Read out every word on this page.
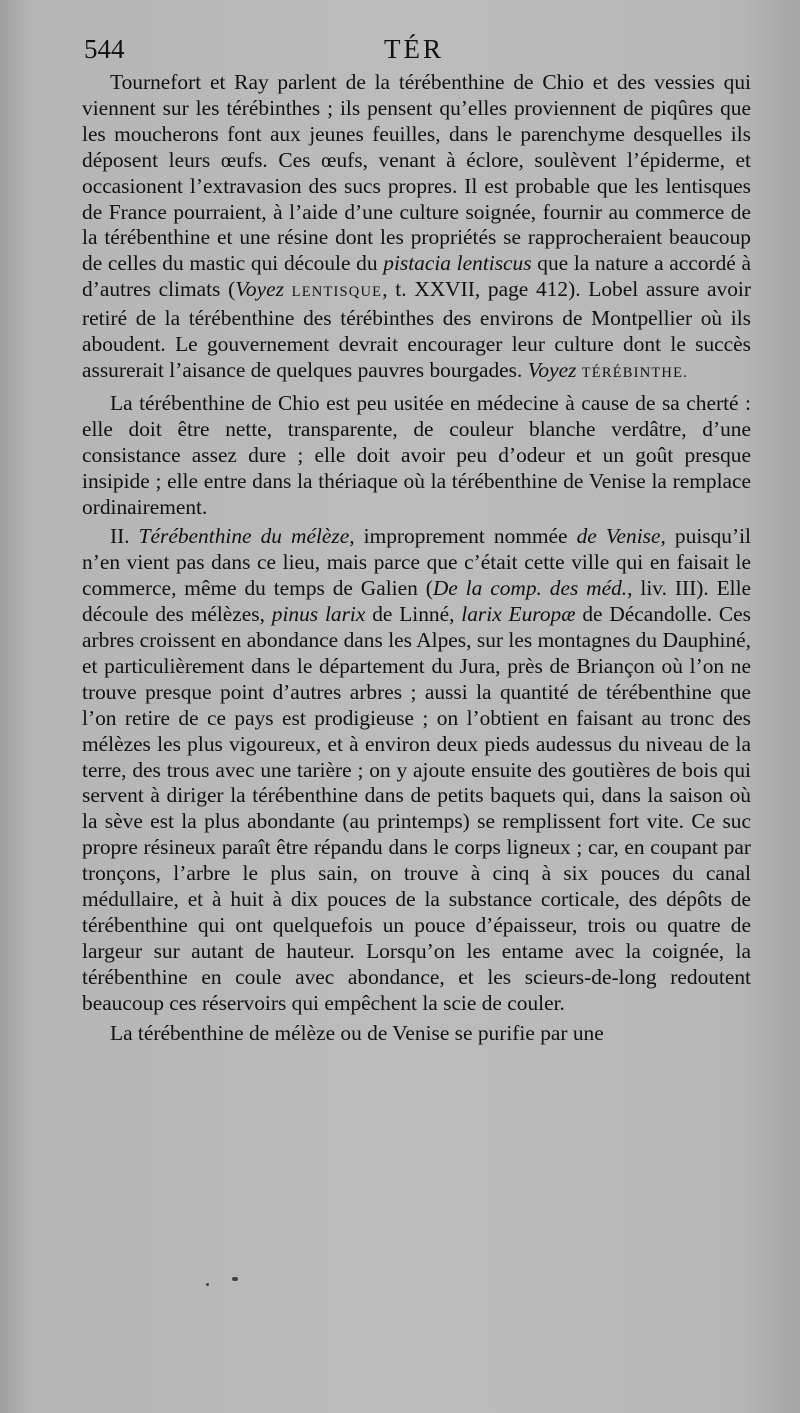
544	TÉR

Tournefort et Ray parlent de la térébenthine de Chio et des vessies qui viennent sur les térébinthes ; ils pensent qu’elles proviennent de piqûres que les moucherons font aux jeunes feuilles, dans le parenchyme desquelles ils déposent leurs œufs. Ces œufs, venant à éclore, soulèvent l’épiderme, et occasionent l’extravasion des sucs propres. Il est probable que les lentisques de France pourraient, à l’aide d’une culture soignée, fournir au commerce de la térébenthine et une résine dont les propriétés se rapprocheraient beaucoup de celles du mastic qui découle du pistacia lentiscus que la nature a accordé à d’autres climats (Voyez LENTISQUE, t. XXVII, page 412). Lobel assure avoir retiré de la térébenthine des térébinthes des environs de Montpellier où ils aboudent. Le gouvernement devrait encourager leur culture dont le succès assurerait l’aisance de quelques pauvres bourgades. Voyez TÉRÉBINTHE.

La térébenthine de Chio est peu usitée en médecine à cause de sa cherté : elle doit être nette, transparente, de couleur blanche verdâtre, d’une consistance assez dure ; elle doit avoir peu d’odeur et un goût presque insipide ; elle entre dans la thériaque où la térébenthine de Venise la remplace ordinairement.

II. Térébenthine du mélèze, improprement nommée de Venise, puisqu’il n’en vient pas dans ce lieu, mais parce que c’était cette ville qui en faisait le commerce, même du temps de Galien (De la comp. des méd., liv. III). Elle découle des mélèzes, pinus larix de Linné, larix Europæ de Décandolle. Ces arbres croissent en abondance dans les Alpes, sur les montagnes du Dauphiné, et particulièrement dans le département du Jura, près de Briançon où l’on ne trouve presque point d’autres arbres ; aussi la quantité de térébenthine que l’on retire de ce pays est prodigieuse ; on l’obtient en faisant au tronc des mélèzes les plus vigoureux, et à environ deux pieds audessus du niveau de la terre, des trous avec une tarière ; on y ajoute ensuite des goutières de bois qui servent à diriger la térébenthine dans de petits baquets qui, dans la saison où la sève est la plus abondante (au printemps) se remplissent fort vite. Ce suc propre résineux paraît être répandu dans le corps ligneux ; car, en coupant par tronçons, l’arbre le plus sain, on trouve à cinq à six pouces du canal médullaire, et à huit à dix pouces de la substance corticale, des dépôts de térébenthine qui ont quelquefois un pouce d’épaisseur, trois ou quatre de largeur sur autant de hauteur. Lorsqu’on les entame avec la coignée, la térébenthine en coule avec abondance, et les scieurs-de-long redoutent beaucoup ces réservoirs qui empêchent la scie de couler.

La térébenthine de mélèze ou de Venise se purifie par une
